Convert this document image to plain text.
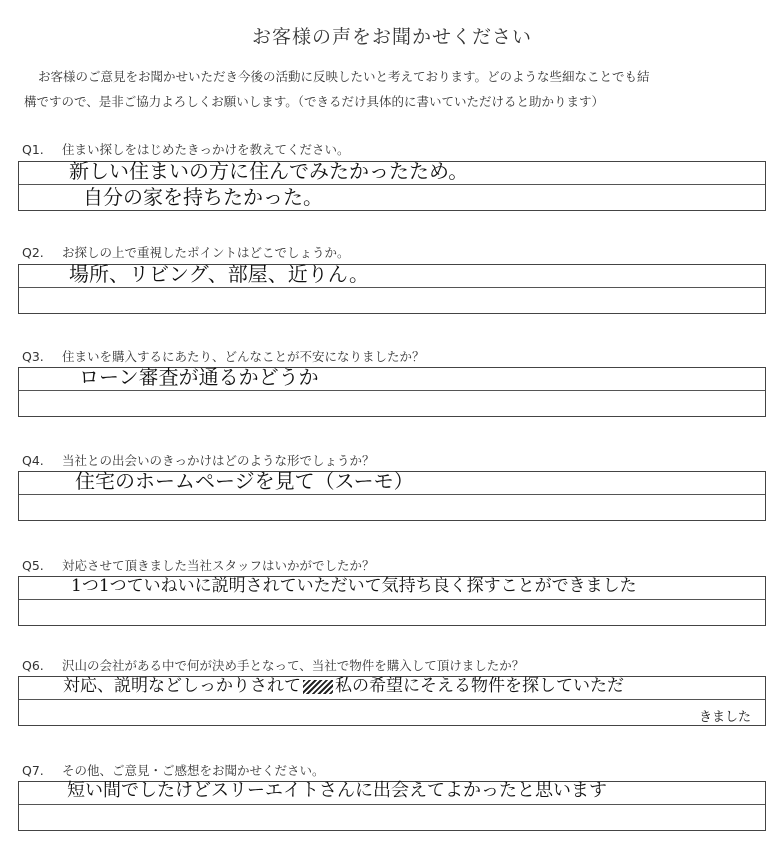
お客様の声をお聞かせください

お客様のご意見をお聞かせいただき今後の活動に反映したいと考えております。どのような些細なことでも結

構ですので、是非ご協力よろしくお願いします。（できるだけ具体的に書いていただけると助かります）

Q1. 住まい探しをはじめたきっかけを教えてください。
新しい住まいの方に住んでみたかったため。
自分の家を持ちたかった。
Q2. お探しの上で重視したポイントはどこでしょうか。
場所、リビング、部屋、近りん。
Q3. 住まいを購入するにあたり、どんなことが不安になりましたか？
ローン審査が通るかどうか
Q4. 当社との出会いのきっかけはどのような形でしょうか？
住宅のホームページを見て（スーモ）
Q5. 対応させて頂きました当社スタッフはいかがでしたか？
1つ1つていねいに説明されていただいて気持ち良く探すことができました
Q6. 沢山の会社がある中で何が決め手となって、当社で物件を購入して頂けましたか？
対応、説明などしっかりされて 私の希望にそえる物件を探していただ
きました
Q7. その他、ご意見・ご感想をお聞かせください。
短い間でしたけどスリーエイトさんに出会えてよかったと思います
